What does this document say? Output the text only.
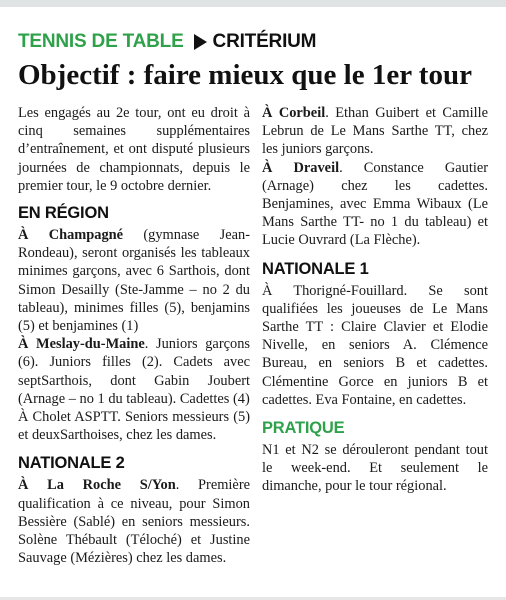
TENNIS DE TABLE CRITÉRIUM
Objectif : faire mieux que le 1er tour

Les engagés au 2e tour, ont eu droit à cinq semaines supplémentaires d’entraînement, et ont disputé plusieurs journées de championnats, depuis le premier tour, le 9 octobre dernier.

EN RÉGION

À Champagné (gymnase Jean-Rondeau), seront organisés les tableaux minimes garçons, avec 6 Sarthois, dont Simon Desailly (Ste-Jamme – no 2 du tableau), minimes filles (5), benjamins (5) et benjamines (1)

À Meslay-du-Maine. Juniors garçons (6). Juniors filles (2). Cadets avec septSarthois, dont Gabin Joubert (Arnage – no 1 du tableau). Cadettes (4)

À Cholet ASPTT. Seniors messieurs (5) et deuxSarthoises, chez les dames.

NATIONALE 2

À La Roche S/Yon. Première qualification à ce niveau, pour Simon Bessière (Sablé) en seniors messieurs. Solène Thébault (Téloché) et Justine Sauvage (Mézières) chez les dames.

À Corbeil. Ethan Guibert et Camille Lebrun de Le Mans Sarthe TT, chez les juniors garçons.

À Draveil. Constance Gautier (Arnage) chez les cadettes. Benjamines, avec Emma Wibaux (Le Mans Sarthe TT- no 1 du tableau) et Lucie Ouvrard (La Flèche).

NATIONALE 1

À Thorigné-Fouillard. Se sont qualifiées les joueuses de Le Mans Sarthe TT : Claire Clavier et Elodie Nivelle, en seniors A. Clémence Bureau, en seniors B et cadettes. Clémentine Gorce en juniors B et cadettes. Eva Fontaine, en cadettes.

PRATIQUE

N1 et N2 se dérouleront pendant tout le week-end. Et seulement le dimanche, pour le tour régional.
